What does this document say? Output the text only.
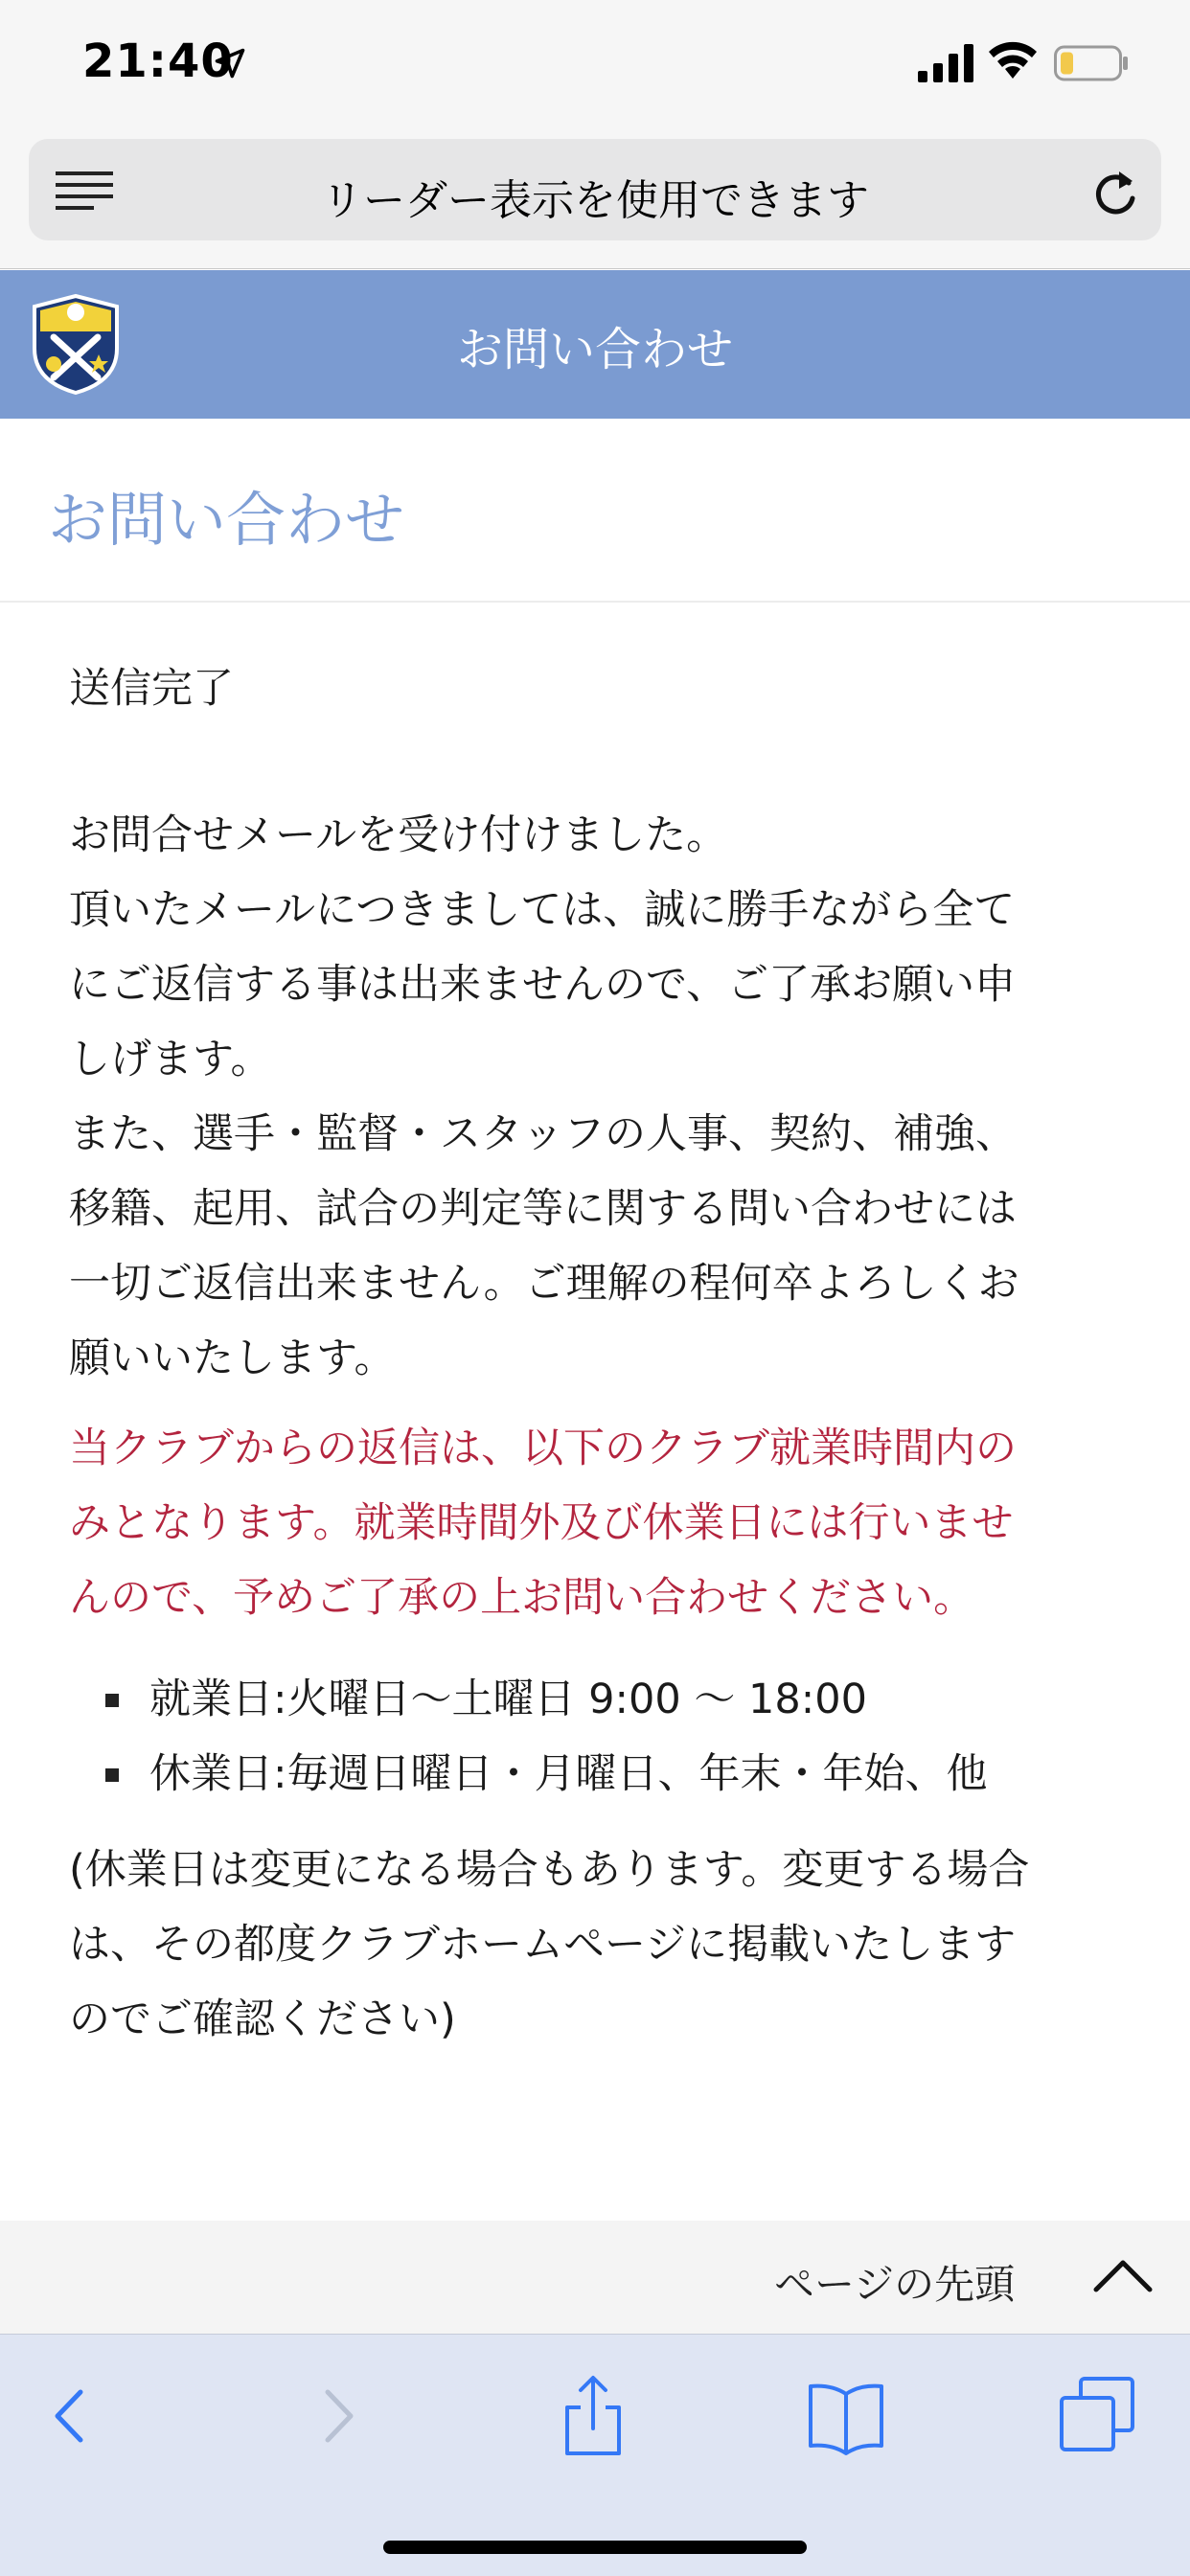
21:40
リーダー表示を使用できます
お問い合わせ
お問い合わせ
送信完了
お問合せメールを受け付けました。
頂いたメールにつきましては、誠に勝手ながら全て
にご返信する事は出来ませんので、ご了承お願い申
しげます。
また、選手・監督・スタッフの人事、契約、補強、
移籍、起用、試合の判定等に関する問い合わせには
一切ご返信出来ません。ご理解の程何卒よろしくお
願いいたします。
当クラブからの返信は、以下のクラブ就業時間内の
みとなります。就業時間外及び休業日には行いませ
んので、予めご了承の上お問い合わせください。
就業日:火曜日〜土曜日 9:00 〜 18:00
休業日:毎週日曜日・月曜日、年末・年始、他
(休業日は変更になる場合もあります。変更する場合
は、その都度クラブホームページに掲載いたします
のでご確認ください)
ページの先頭
